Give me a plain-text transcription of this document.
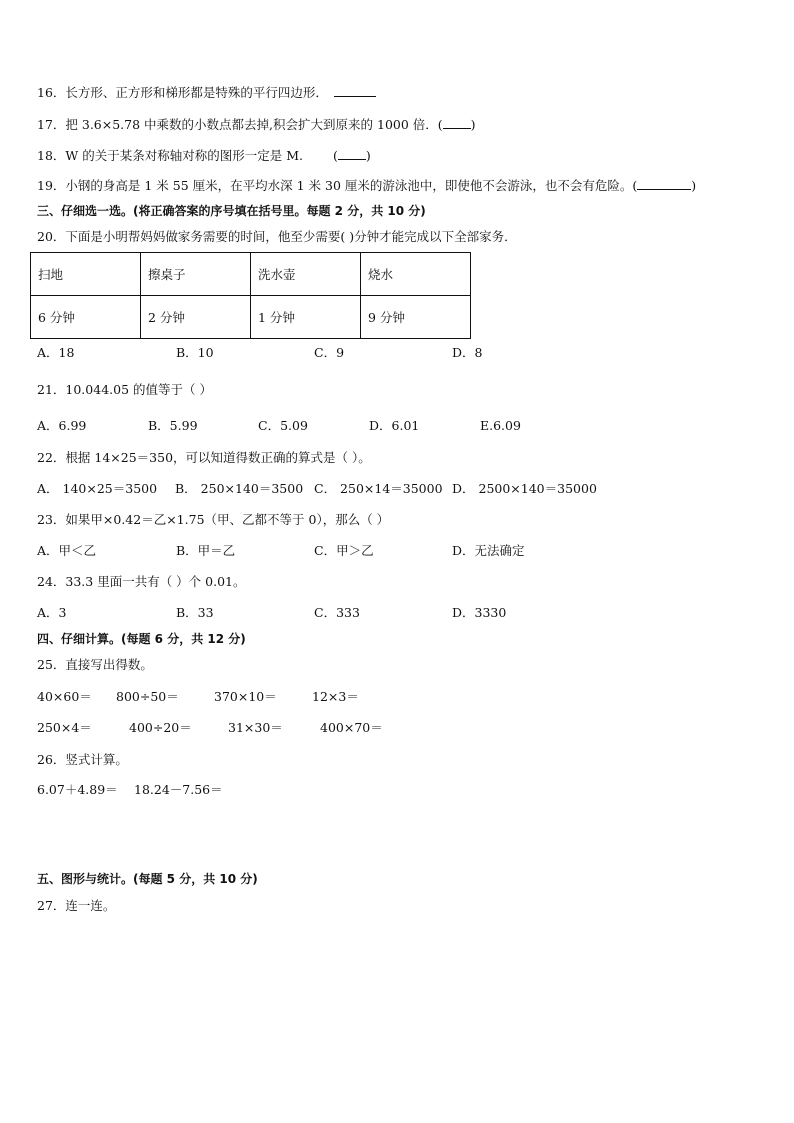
16．长方形、正方形和梯形都是特殊的平行四边形．
17．把 3.6×5.78 中乘数的小数点都去掉,积会扩大到原来的 1000 倍．( )
18．W 的关于某条对称轴对称的图形一定是 M. ( )
19．小钢的身高是 1 米 55 厘米，在平均水深 1 米 30 厘米的游泳池中，即使他不会游泳，也不会有危险。(	)
三、仔细选一选。(将正确答案的序号填在括号里。每题 2 分，共 10 分)
20．下面是小明帮妈妈做家务需要的时间，他至少需要( )分钟才能完成以下全部家务．
扫地	擦桌子	洗水壶	烧水
6 分钟	2 分钟	1 分钟	9 分钟
A．18	B．10	C．9	D．8
21．10.044.05 的值等于（ ）
A．6.99	B．5.99	C．5.09	D．6.01	E.6.09
22．根据 14×25＝350，可以知道得数正确的算式是（ ）。
A． 140×25＝3500 B． 250×140＝3500 C． 250×14＝35000 D． 2500×140＝35000
23．如果甲×0.42＝乙×1.75（甲、乙都不等于 0），那么（ ）
A．甲＜乙	B．甲＝乙	C．甲＞乙	D．无法确定
24．33.3 里面一共有（ ）个 0.01。
A．3	B．33	C．333	D．3330
四、仔细计算。(每题 6 分，共 12 分)
25．直接写出得数。
40×60＝ 800÷50＝	370×10＝	12×3＝
250×4＝	400÷20＝	31×30＝	400×70＝
26．竖式计算。
6.07＋4.89＝ 18.24－7.56＝
五、图形与统计。(每题 5 分，共 10 分)
27．连一连。
